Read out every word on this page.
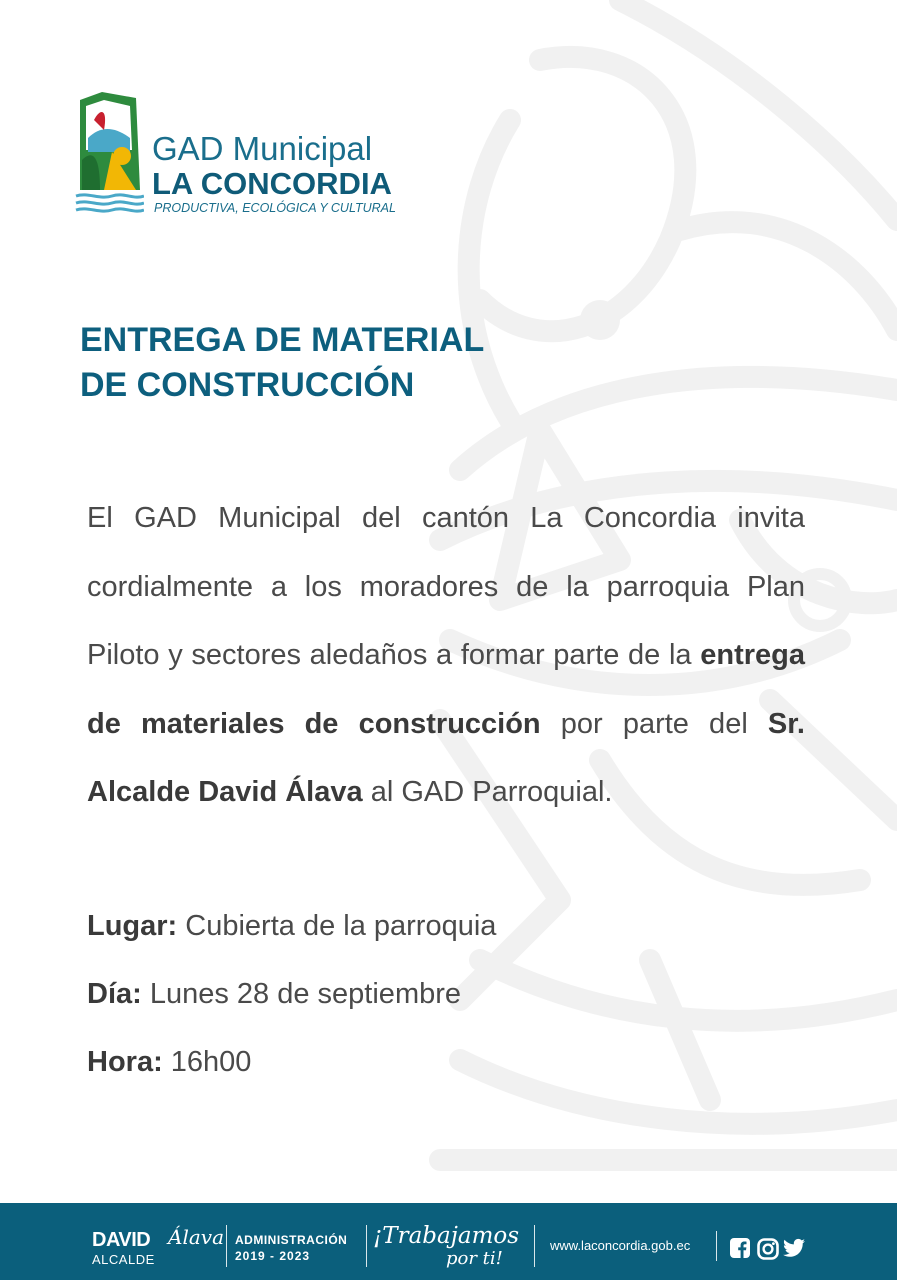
GAD Municipal
LA CONCORDIA
PRODUCTIVA, ECOLÓGICA Y CULTURAL
ENTREGA DE MATERIAL
DE CONSTRUCCIÓN

El GAD Municipal del cantón La Concordia invita cordialmente a los moradores de la parroquia Plan Piloto y sectores aledaños a formar parte de la entrega de materiales de construcción por parte del Sr. Alcalde David Álava al GAD Parroquial.

Lugar: Cubierta de la parroquia
Día: Lunes 28 de septiembre
Hora: 16h00
DAVID Álava
ALCALDE
ADMINISTRACIÓN
2019 - 2023
¡Trabajamos
por ti!
www.laconcordia.gob.ec
